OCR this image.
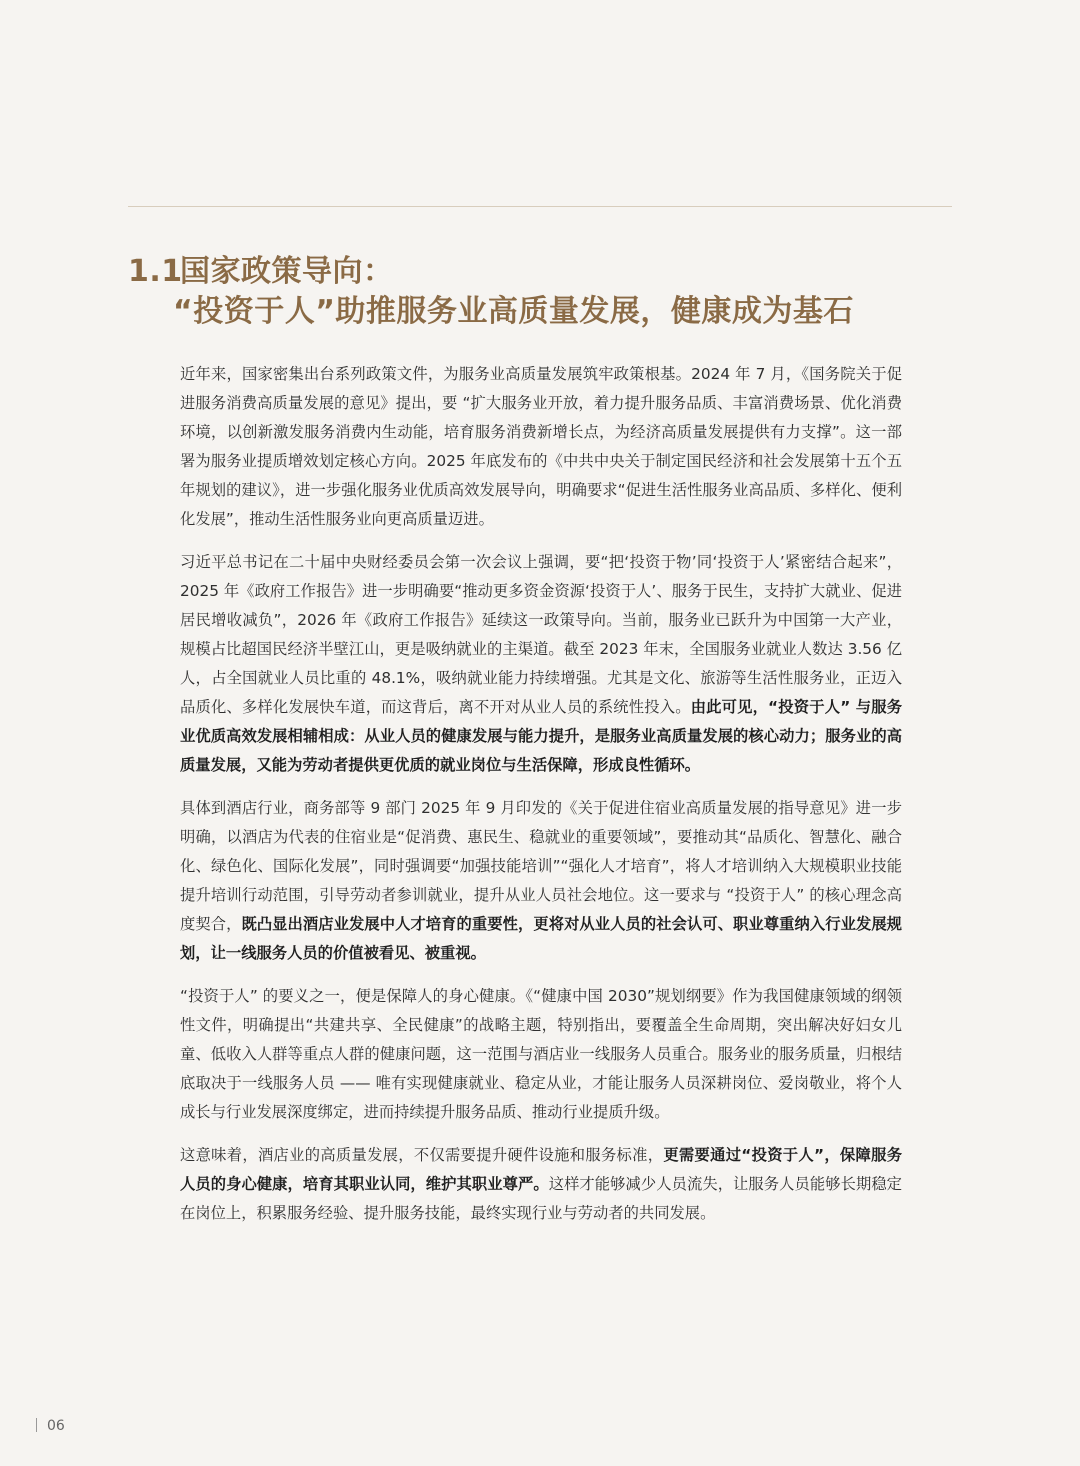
1.1国家政策导向：
“投资于人”助推服务业高质量发展，健康成为基石

近年来，国家密集出台系列政策文件，为服务业高质量发展筑牢政策根基。2024 年 7 月，《国务院关于促进服务消费高质量发展的意见》提出，要 “扩大服务业开放，着力提升服务品质、丰富消费场景、优化消费环境，以创新激发服务消费内生动能，培育服务消费新增长点，为经济高质量发展提供有力支撑”。这一部署为服务业提质增效划定核心方向。2025 年底发布的《中共中央关于制定国民经济和社会发展第十五个五年规划的建议》，进一步强化服务业优质高效发展导向，明确要求“促进生活性服务业高品质、多样化、便利化发展”，推动生活性服务业向更高质量迈进。

习近平总书记在二十届中央财经委员会第一次会议上强调，要“把‘投资于物’同‘投资于人’紧密结合起来”，2025 年《政府工作报告》进一步明确要“推动更多资金资源‘投资于人’、服务于民生，支持扩大就业、促进居民增收减负”，2026 年《政府工作报告》延续这一政策导向。当前，服务业已跃升为中国第一大产业，规模占比超国民经济半壁江山，更是吸纳就业的主渠道。截至 2023 年末，全国服务业就业人数达 3.56 亿人，占全国就业人员比重的 48.1%，吸纳就业能力持续增强。尤其是文化、旅游等生活性服务业，正迈入品质化、多样化发展快车道，而这背后，离不开对从业人员的系统性投入。由此可见，“投资于人” 与服务业优质高效发展相辅相成：从业人员的健康发展与能力提升，是服务业高质量发展的核心动力；服务业的高质量发展，又能为劳动者提供更优质的就业岗位与生活保障，形成良性循环。

具体到酒店行业，商务部等 9 部门 2025 年 9 月印发的《关于促进住宿业高质量发展的指导意见》进一步明确，以酒店为代表的住宿业是“促消费、惠民生、稳就业的重要领域”，要推动其“品质化、智慧化、融合化、绿色化、国际化发展”，同时强调要“加强技能培训”“强化人才培育”，将人才培训纳入大规模职业技能提升培训行动范围，引导劳动者参训就业，提升从业人员社会地位。这一要求与 “投资于人” 的核心理念高度契合，既凸显出酒店业发展中人才培育的重要性，更将对从业人员的社会认可、职业尊重纳入行业发展规划，让一线服务人员的价值被看见、被重视。

“投资于人” 的要义之一，便是保障人的身心健康。《“健康中国 2030”规划纲要》作为我国健康领域的纲领性文件，明确提出“共建共享、全民健康”的战略主题，特别指出，要覆盖全生命周期，突出解决好妇女儿童、低收入人群等重点人群的健康问题，这一范围与酒店业一线服务人员重合。服务业的服务质量，归根结底取决于一线服务人员 —— 唯有实现健康就业、稳定从业，才能让服务人员深耕岗位、爱岗敬业，将个人成长与行业发展深度绑定，进而持续提升服务品质、推动行业提质升级。

这意味着，酒店业的高质量发展，不仅需要提升硬件设施和服务标准，更需要通过“投资于人”，保障服务人员的身心健康，培育其职业认同，维护其职业尊严。这样才能够减少人员流失，让服务人员能够长期稳定在岗位上，积累服务经验、提升服务技能，最终实现行业与劳动者的共同发展。

06
